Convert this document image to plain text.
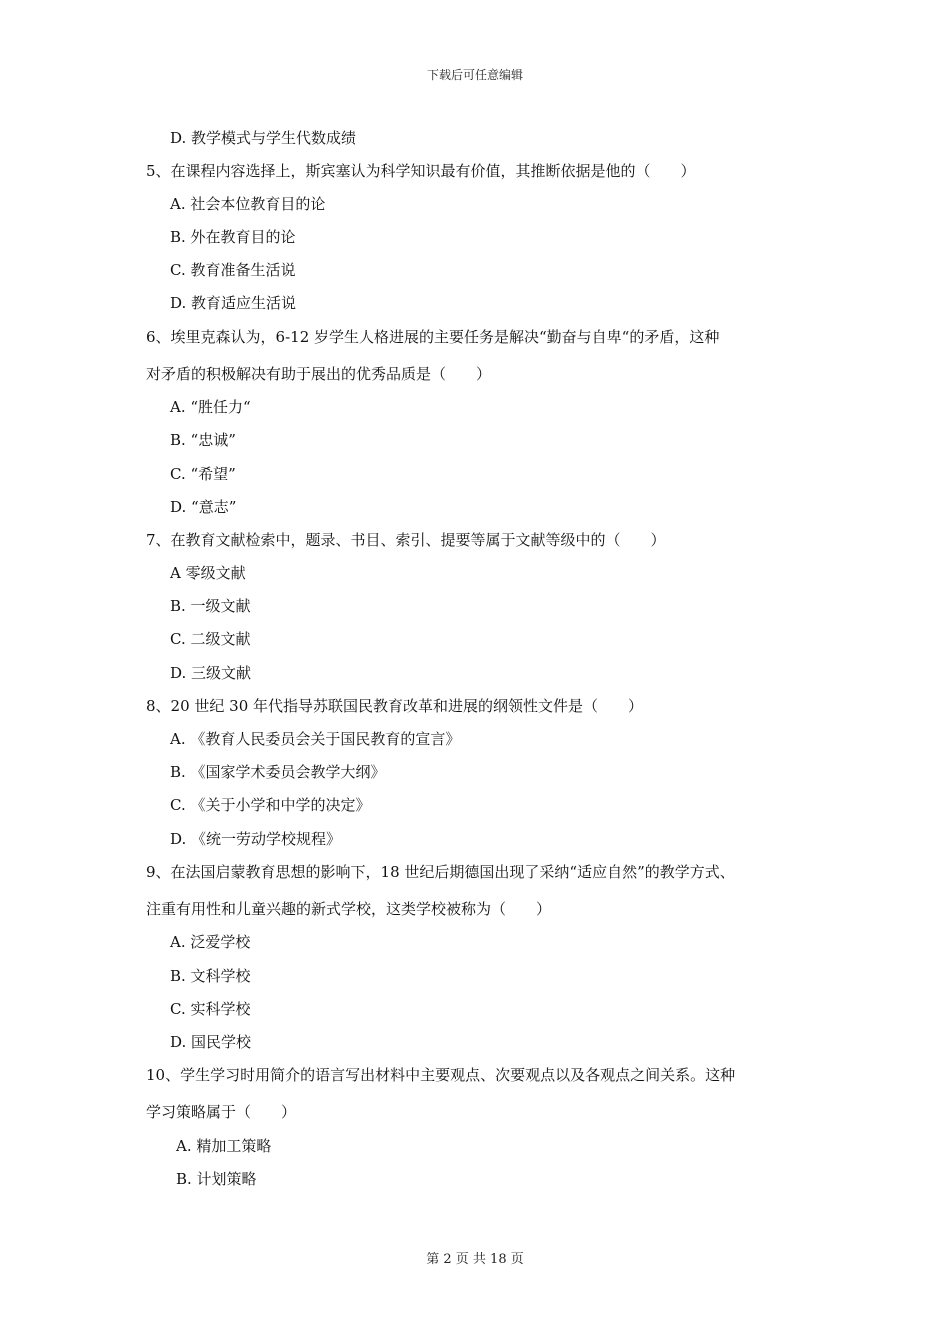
下载后可任意编辑
D. 教学模式与学生代数成绩
5、在课程内容选择上，斯宾塞认为科学知识最有价值，其推断依据是他的（　　）
A. 社会本位教育目的论
B. 外在教育目的论
C. 教育准备生活说
D. 教育适应生活说
6、埃里克森认为，6-12 岁学生人格进展的主要任务是解决“勤奋与自卑“的矛盾，这种
对矛盾的积极解决有助于展出的优秀品质是（　　）
A. “胜任力“
B. “忠诚”
C. “希望”
D. “意志”
7、在教育文献检索中，题录、书目、索引、提要等属于文献等级中的（　　）
A 零级文献
B. 一级文献
C. 二级文献
D. 三级文献
8、20 世纪 30 年代指导苏联国民教育改革和进展的纲领性文件是（　　）
A. 《教育人民委员会关于国民教育的宣言》
B. 《国家学术委员会教学大纲》
C. 《关于小学和中学的决定》
D. 《统一劳动学校规程》
9、在法国启蒙教育思想的影响下，18 世纪后期德国出现了采纳“适应自然”的教学方式、
注重有用性和儿童兴趣的新式学校，这类学校被称为（　　）
A. 泛爱学校
B. 文科学校
C. 实科学校
D. 国民学校
10、学生学习时用简介的语言写出材料中主要观点、次要观点以及各观点之间关系。这种
学习策略属于（　　）
A. 精加工策略
B. 计划策略
第 2 页 共 18 页
